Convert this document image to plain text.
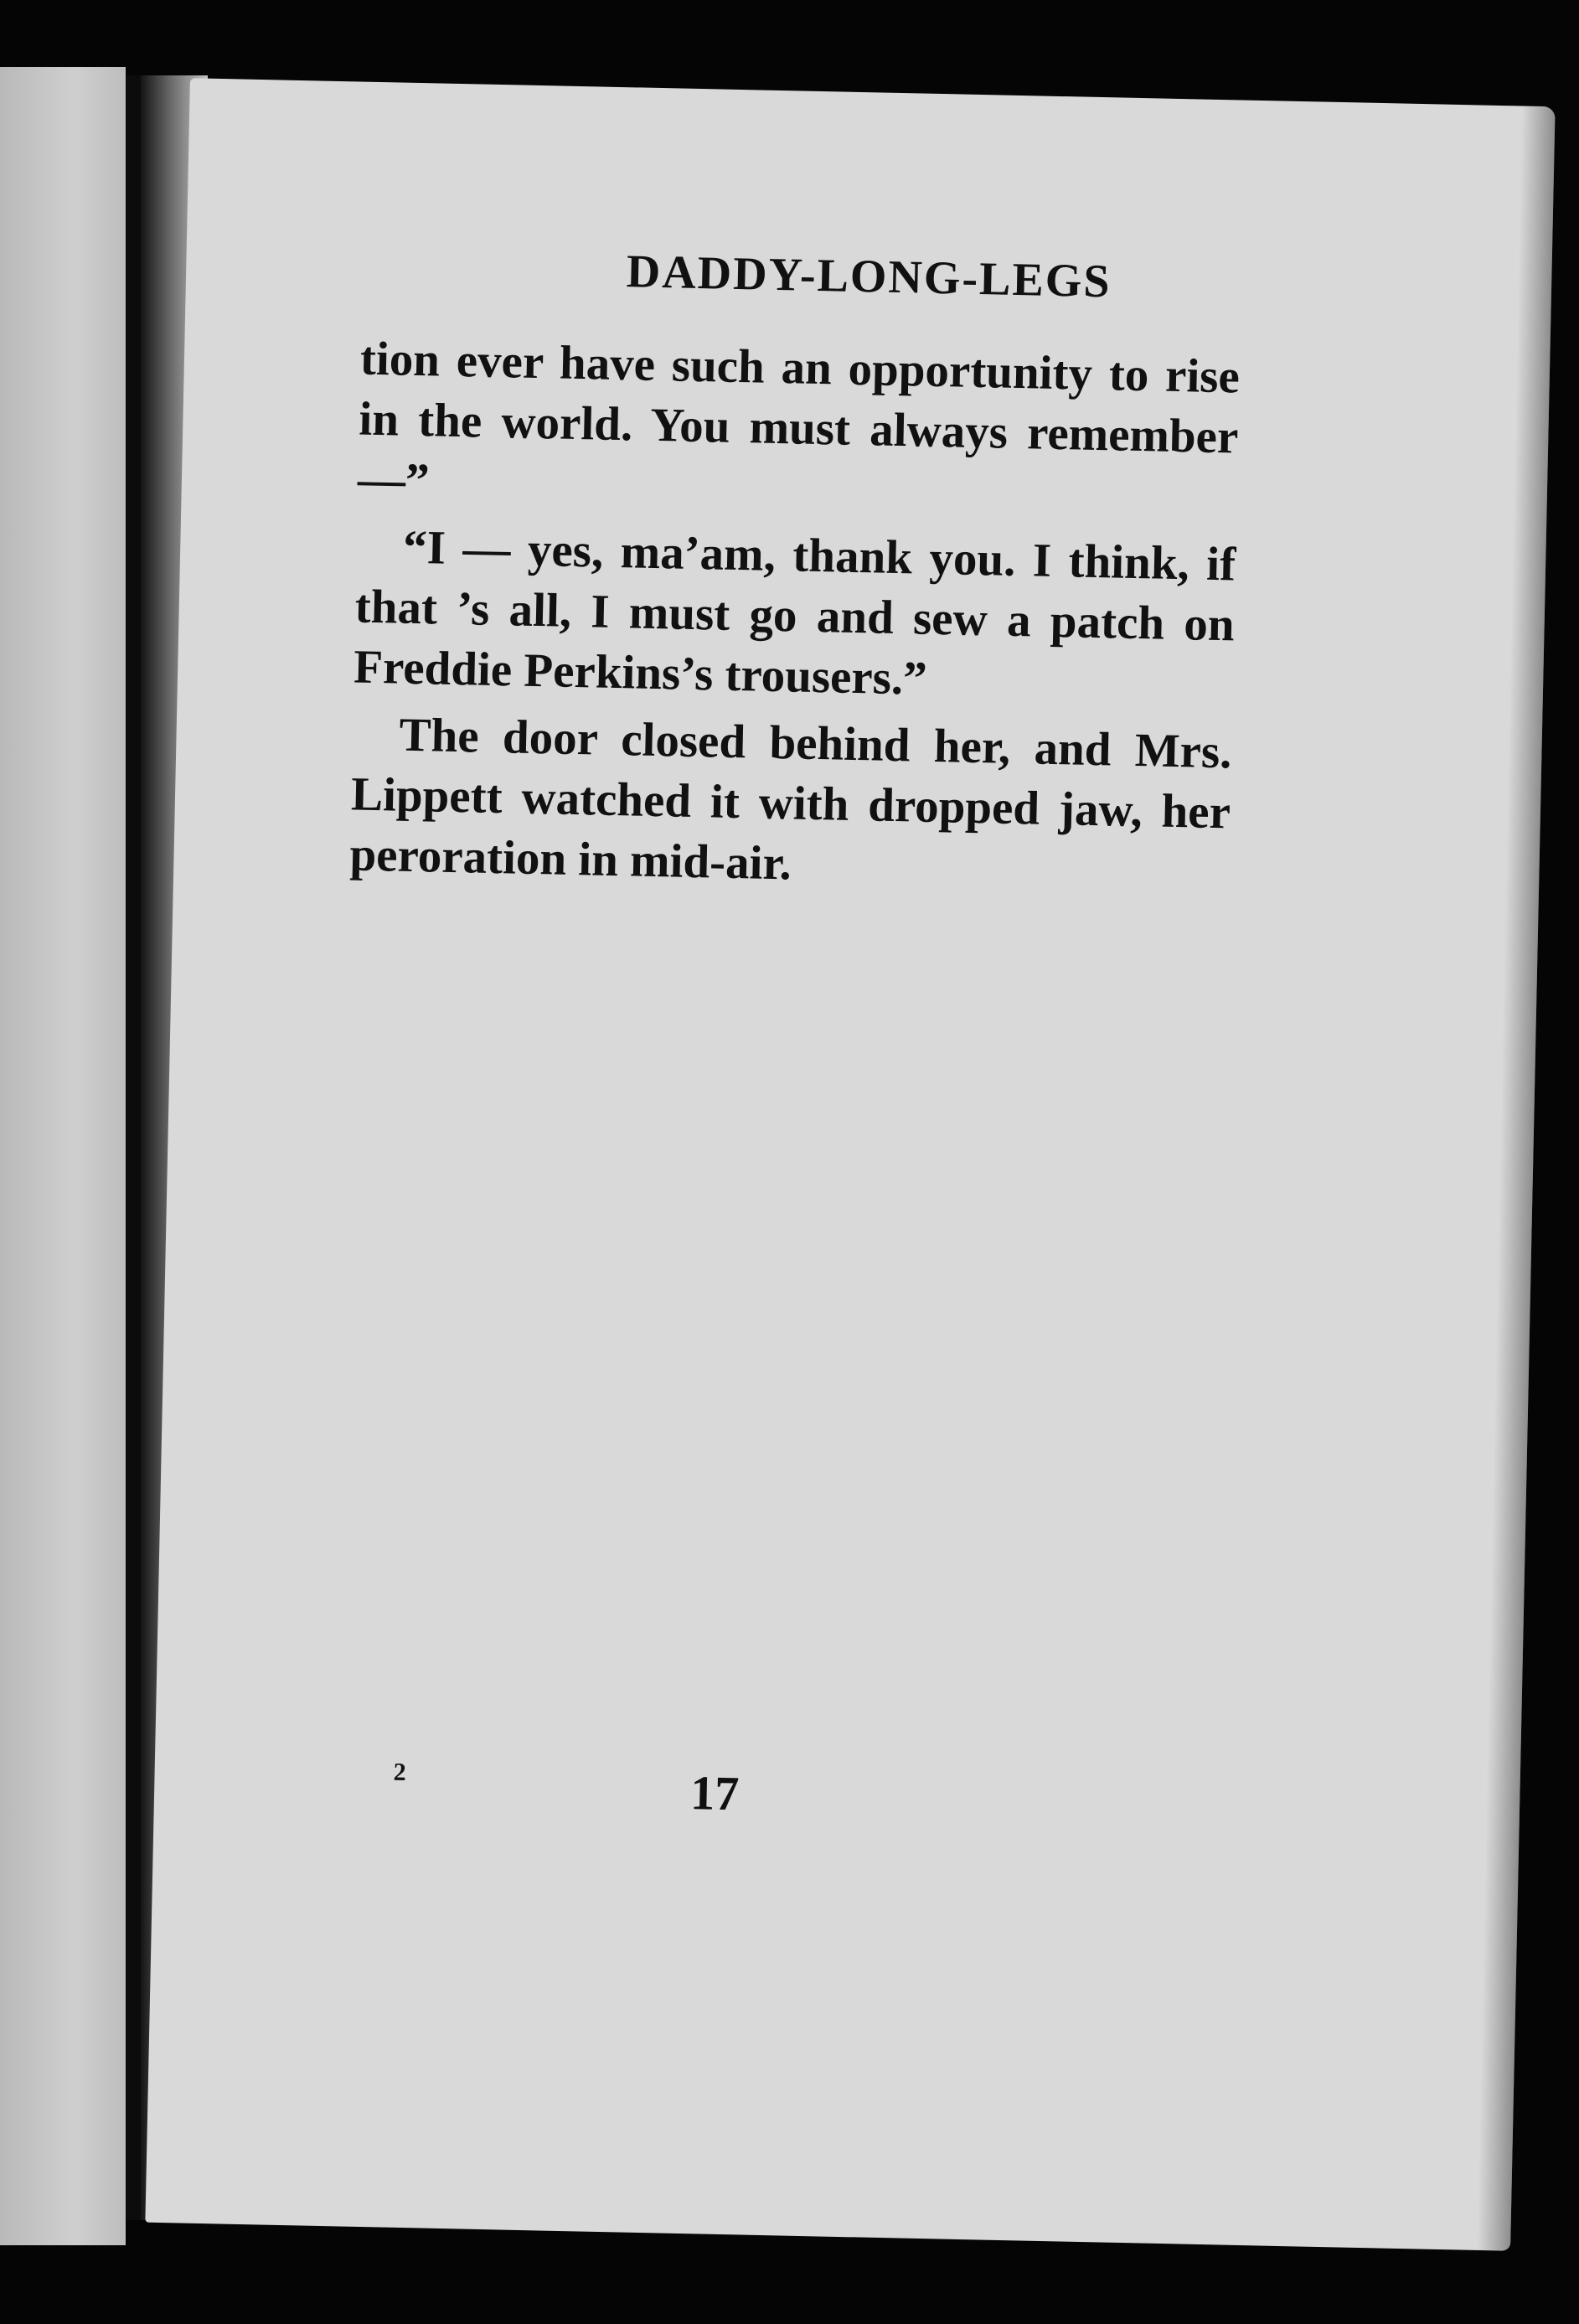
DADDY-LONG-LEGS

tion ever have such an opportunity to rise in the world. You must always remember —”

“I — yes, ma’am, thank you. I think, if that ’s all, I must go and sew a patch on Freddie Perkins’s trousers.”

The door closed behind her, and Mrs. Lippett watched it with dropped jaw, her peroration in mid-air.

2	17
